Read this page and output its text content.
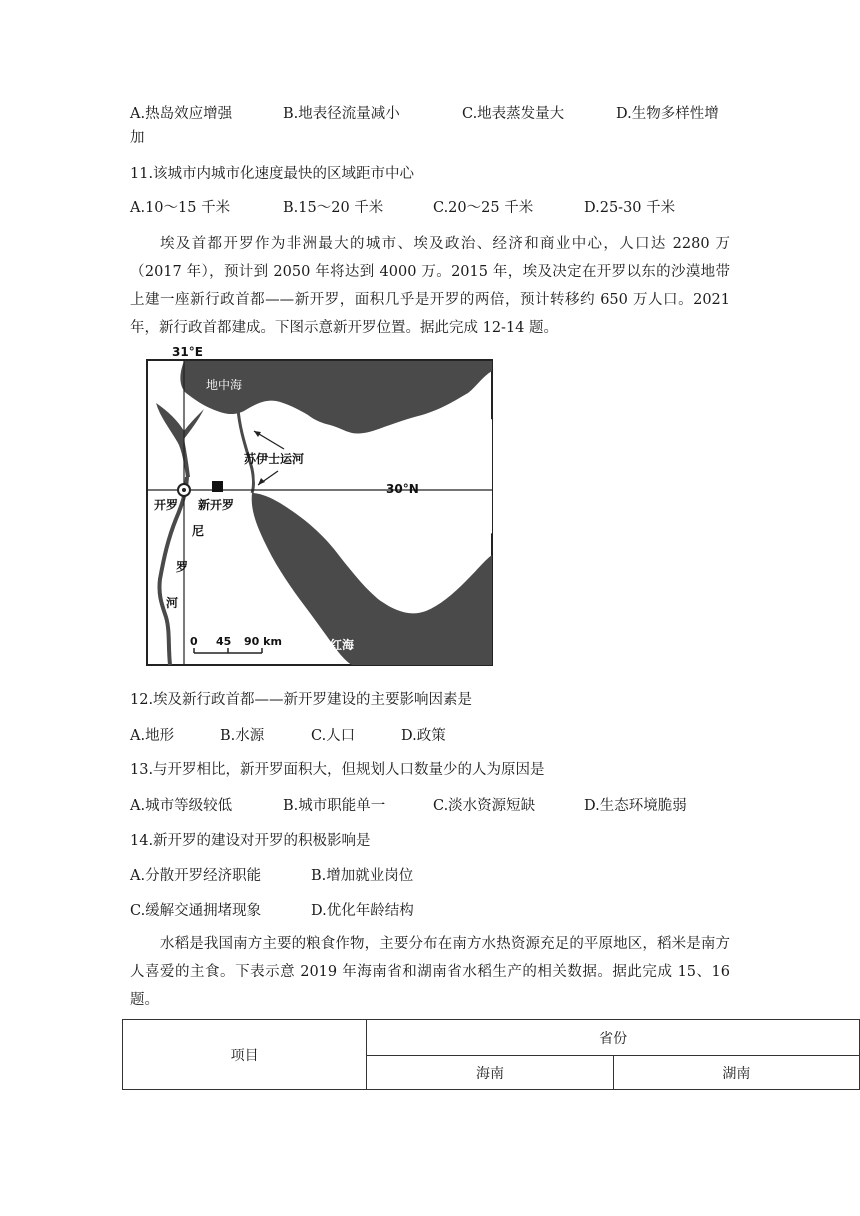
A.热岛效应增强	B.地表径流量减小	C.地表蒸发量大	D.生物多样性增
加
11.该城市内城市化速度最快的区域距市中心
A.10～15 千米	B.15～20 千米	C.20～25 千米	D.25-30 千米

埃及首都开罗作为非洲最大的城市、埃及政治、经济和商业中心，人口达 2280 万（2017 年），预计到 2050 年将达到 4000 万。2015 年，埃及决定在开罗以东的沙漠地带上建一座新行政首都——新开罗，面积几乎是开罗的两倍，预计转移约 650 万人口。2021 年，新行政首都建成。下图示意新开罗位置。据此完成 12-14 题。

31°E
地中海
苏伊士运河
30°N
开罗 新开罗
尼
罗
河
红海
0 45 90 km
12.埃及新行政首都——新开罗建设的主要影响因素是
A.地形	B.水源	C.人口	D.政策
13.与开罗相比，新开罗面积大，但规划人口数量少的人为原因是
A.城市等级较低	B.城市职能单一	C.淡水资源短缺	D.生态环境脆弱
14.新开罗的建设对开罗的积极影响是
A.分散开罗经济职能	B.增加就业岗位
C.缓解交通拥堵现象	D.优化年龄结构

水稻是我国南方主要的粮食作物，主要分布在南方水热资源充足的平原地区，稻米是南方人喜爱的主食。下表示意 2019 年海南省和湖南省水稻生产的相关数据。据此完成 15、16 题。

项目	省份	
	海南	湖南
